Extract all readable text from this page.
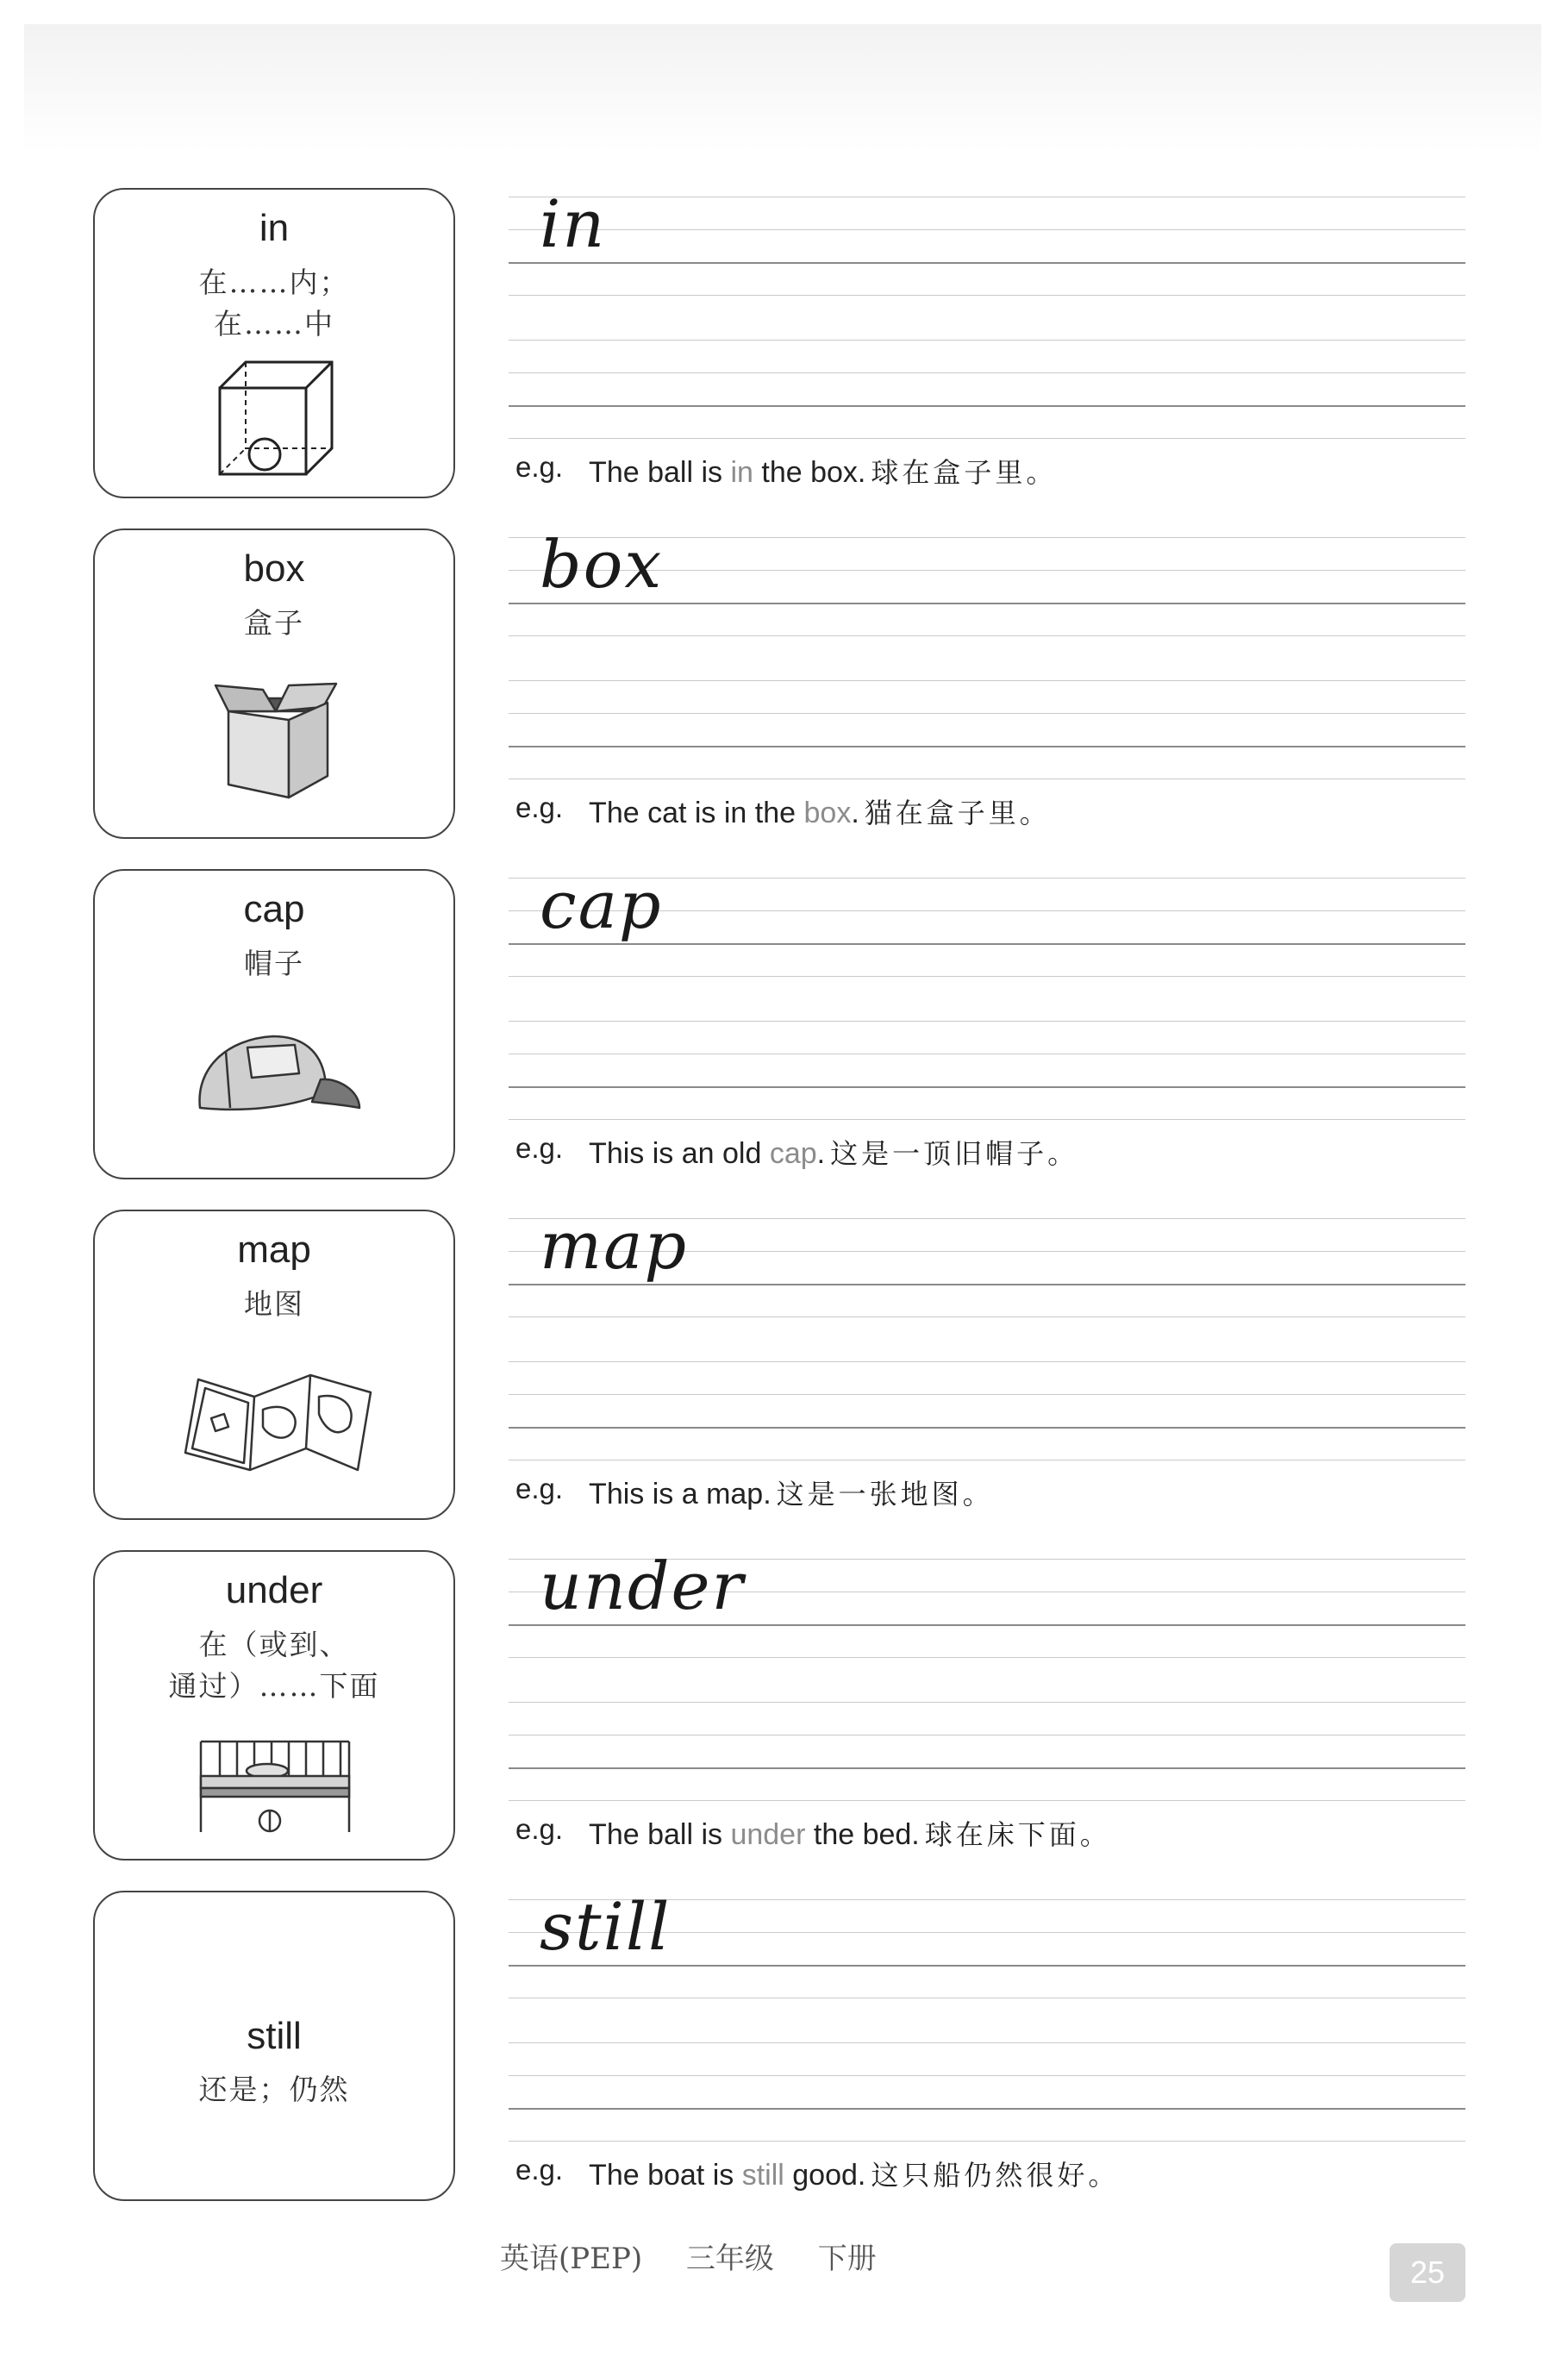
in
在……内；
在……中
in
e.g. The ball is in the box. 球在盒子里。
box
盒子
box
e.g. The cat is in the box. 猫在盒子里。
cap
帽子
cap
e.g. This is an old cap. 这是一顶旧帽子。
map
地图
map
e.g. This is a map. 这是一张地图。
under
在（或到、
通过）……下面
under
e.g. The ball is under the bed. 球在床下面。
still
还是；仍然
still
e.g. The boat is still good. 这只船仍然很好。
英语(PEP) 三年级 下册	25
